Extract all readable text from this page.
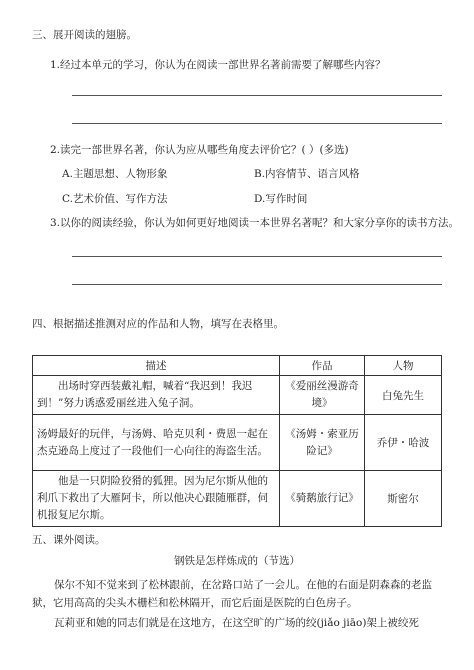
三、展开阅读的翅膀。
1.经过本单元的学习，你认为在阅读一部世界名著前需要了解哪些内容？
2.读完一部世界名著，你认为应从哪些角度去评价它？( ）(多选)
A.主题思想、人物形象	B.内容情节、语言风格
C.艺术价值、写作方法	D.写作时间
3.以你的阅读经验，你认为如何更好地阅读一本世界名著呢？和大家分享你的读书方法。
四、根据描述推测对应的作品和人物，填写在表格里。
描述	作品	人物
出场时穿西装戴礼帽，喊着“我迟到！我迟到！”努力诱惑爱丽丝进入兔子洞。	《爱丽丝漫游奇境》	白兔先生
汤姆最好的玩伴，与汤姆、哈克贝利・费恩一起在杰克逊岛上度过了一段他们一心向往的海盗生活。	《汤姆・索亚历险记》	乔伊・哈波
他是一只阴险狡猾的狐狸。因为尼尔斯从他的利爪下救出了大雁阿卡，所以他决心跟随雁群，伺机报复尼尔斯。	《骑鹅旅行记》	斯密尔
五、课外阅读。
钢铁是怎样炼成的（节选）
保尔不知不觉来到了松林跟前，在岔路口站了一会儿。在他的右面是阴森森的老监
狱，它用高高的尖头木栅栏和松林隔开，而它后面是医院的白色房子。
瓦莉亚和她的同志们就是在这地方，在这空旷的广场的绞(jiǎo jiāo)架上被绞死
